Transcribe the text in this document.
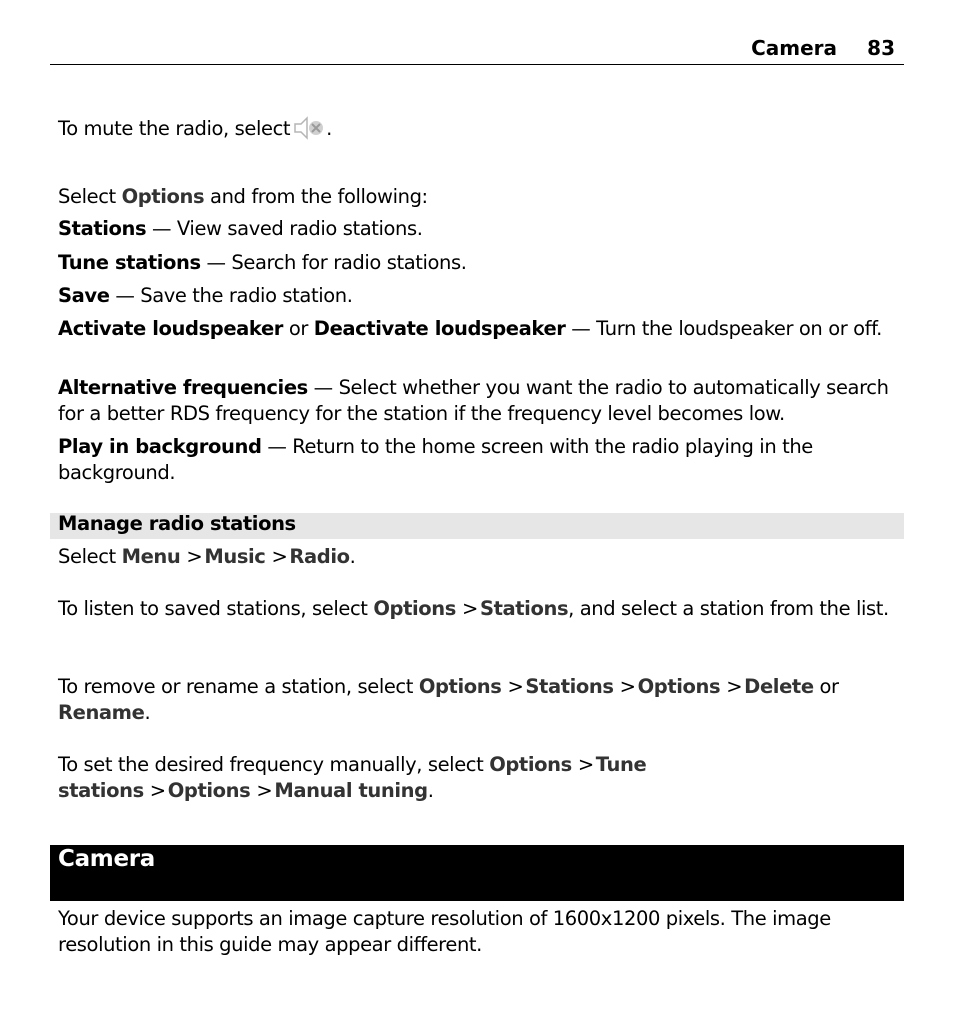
Camera 83
To mute the radio, select .
Select Options and from the following:
Stations — View saved radio stations.
Tune stations — Search for radio stations.
Save — Save the radio station.
Activate loudspeaker or Deactivate loudspeaker — Turn the loudspeaker on or off.
Alternative frequencies — Select whether you want the radio to automatically search for a better RDS frequency for the station if the frequency level becomes low.
Play in background — Return to the home screen with the radio playing in the background.
Manage radio stations
Select Menu > Music > Radio.
To listen to saved stations, select Options > Stations, and select a station from the list.
To remove or rename a station, select Options > Stations > Options > Delete or Rename.
To set the desired frequency manually, select Options > Tune stations > Options > Manual tuning.
Camera
Your device supports an image capture resolution of 1600x1200 pixels. The image resolution in this guide may appear different.
